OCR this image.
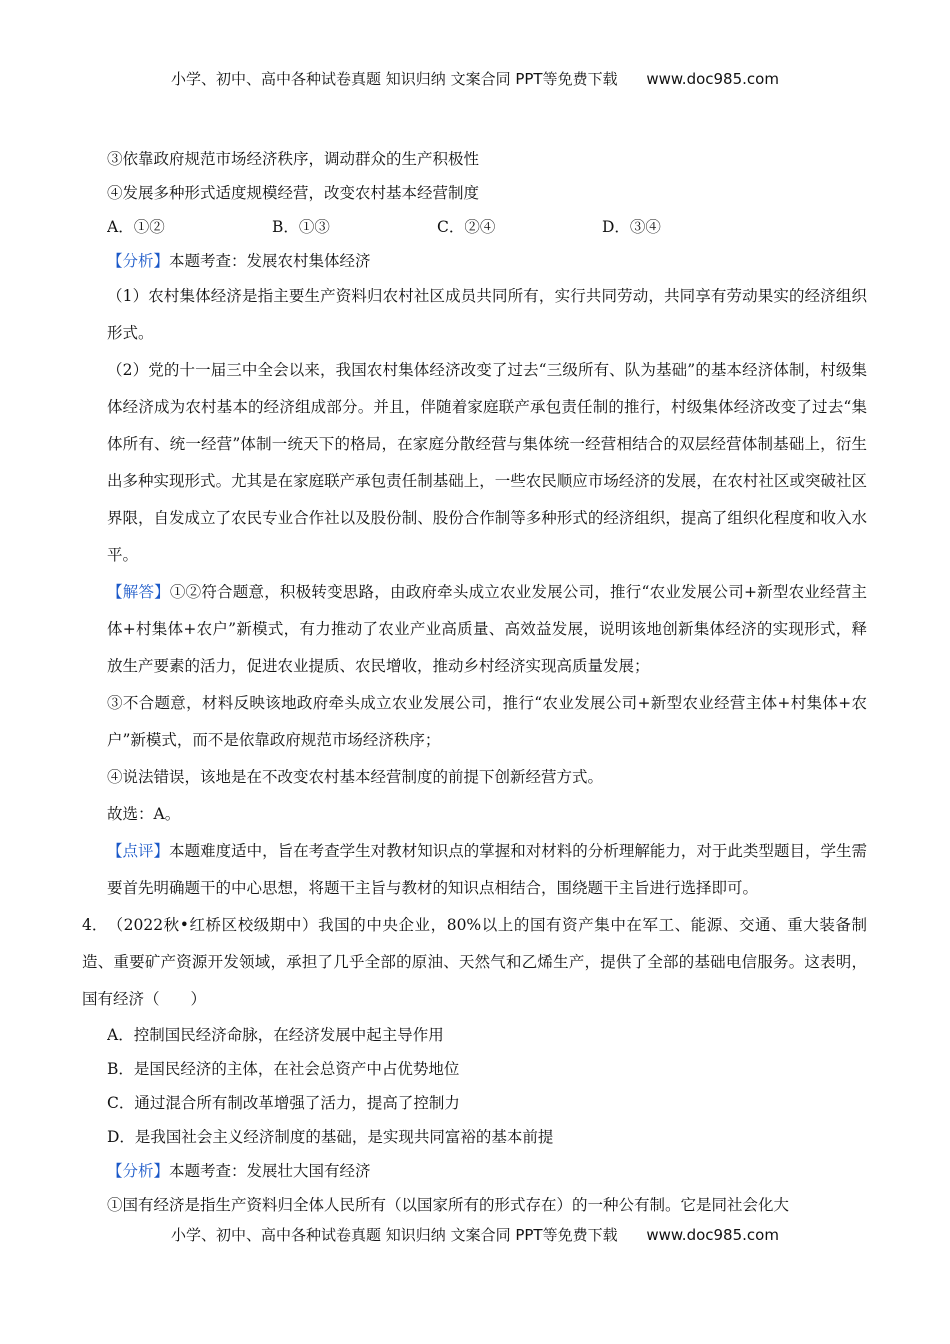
小学、初中、高中各种试卷真题 知识归纳 文案合同 PPT等免费下载 www.doc985.com
③依靠政府规范市场经济秩序，调动群众的生产积极性
④发展多种形式适度规模经营，改变农村基本经营制度
A．①②	B．①③	C．②④	D．③④
【分析】本题考查：发展农村集体经济
（1）农村集体经济是指主要生产资料归农村社区成员共同所有，实行共同劳动，共同享有劳动果实的经济组织形式。
（2）党的十一届三中全会以来，我国农村集体经济改变了过去“三级所有、队为基础”的基本经济体制，村级集体经济成为农村基本的经济组成部分。并且，伴随着家庭联产承包责任制的推行，村级集体经济改变了过去“集体所有、统一经营”体制一统天下的格局，在家庭分散经营与集体统一经营相结合的双层经营体制基础上，衍生出多种实现形式。尤其是在家庭联产承包责任制基础上，一些农民顺应市场经济的发展，在农村社区或突破社区界限，自发成立了农民专业合作社以及股份制、股份合作制等多种形式的经济组织，提高了组织化程度和收入水平。
【解答】①②符合题意，积极转变思路，由政府牵头成立农业发展公司，推行“农业发展公司+新型农业经营主体+村集体+农户”新模式，有力推动了农业产业高质量、高效益发展，说明该地创新集体经济的实现形式，释放生产要素的活力，促进农业提质、农民增收，推动乡村经济实现高质量发展；
③不合题意，材料反映该地政府牵头成立农业发展公司，推行“农业发展公司+新型农业经营主体+村集体+农户”新模式，而不是依靠政府规范市场经济秩序；
④说法错误，该地是在不改变农村基本经营制度的前提下创新经营方式。
故选：A。
【点评】本题难度适中，旨在考查学生对教材知识点的掌握和对材料的分析理解能力，对于此类型题目，学生需要首先明确题干的中心思想，将题干主旨与教材的知识点相结合，围绕题干主旨进行选择即可。
4．（2022秋•红桥区校级期中）我国的中央企业，80%以上的国有资产集中在军工、能源、交通、重大装备制造、重要矿产资源开发领域，承担了几乎全部的原油、天然气和乙烯生产，提供了全部的基础电信服务。这表明，国有经济（　　）
A．控制国民经济命脉，在经济发展中起主导作用
B．是国民经济的主体，在社会总资产中占优势地位
C．通过混合所有制改革增强了活力，提高了控制力
D．是我国社会主义经济制度的基础，是实现共同富裕的基本前提
【分析】本题考查：发展壮大国有经济
①国有经济是指生产资料归全体人民所有（以国家所有的形式存在）的一种公有制。它是同社会化大
小学、初中、高中各种试卷真题 知识归纳 文案合同 PPT等免费下载 www.doc985.com
